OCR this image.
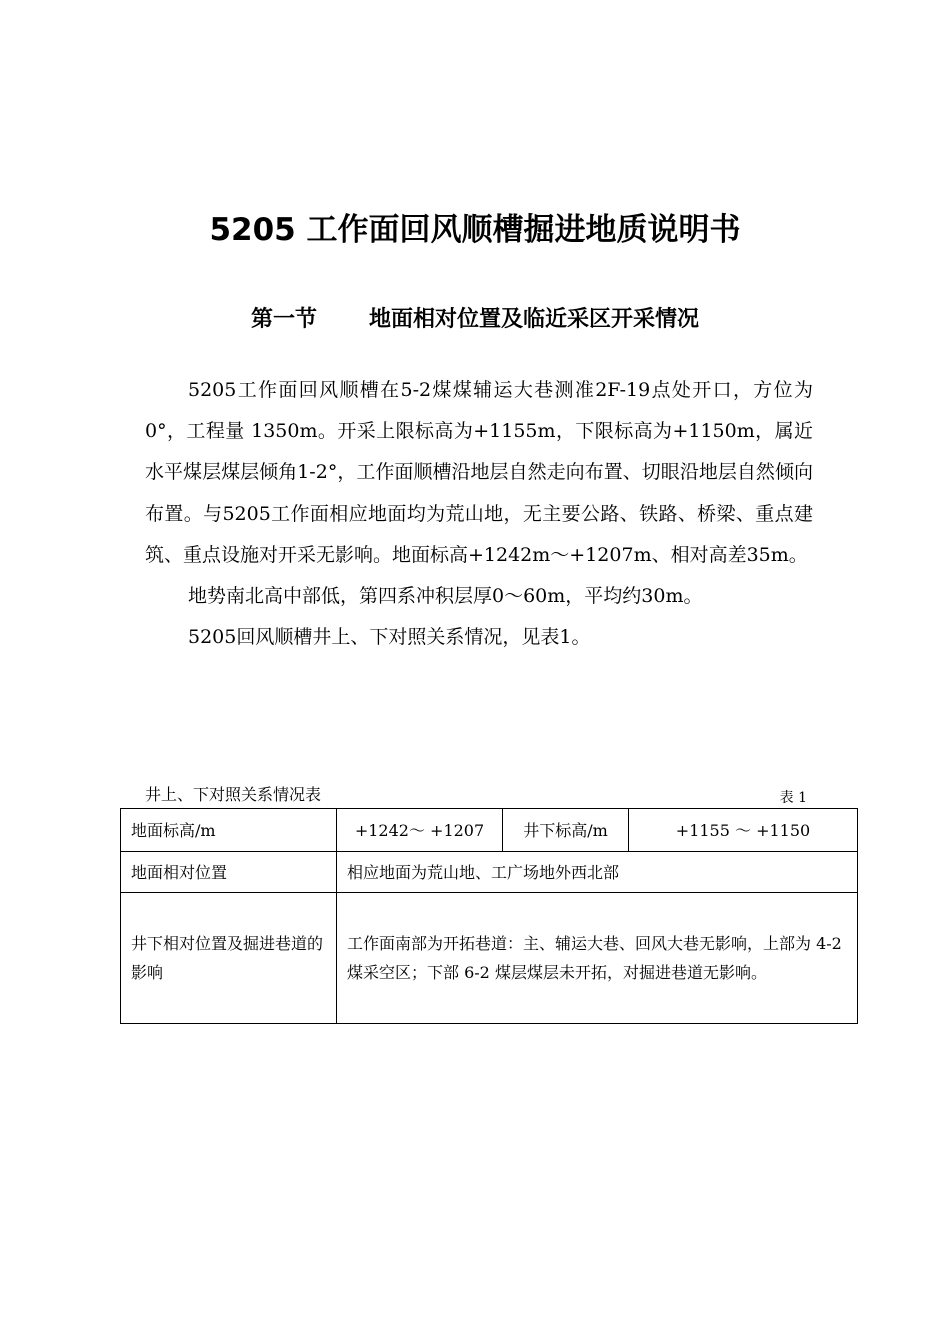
5205 工作面回风顺槽掘进地质说明书
第一节 地面相对位置及临近采区开采情况

5205工作面回风顺槽在5-2煤煤辅运大巷测准2F-19点处开口，方位为 0°，工程量 1350m。开采上限标高为+1155m，下限标高为+1150m，属近水平煤层煤层倾角1-2°，工作面顺槽沿地层自然走向布置、切眼沿地层自然倾向布置。与5205工作面相应地面均为荒山地，无主要公路、铁路、桥梁、重点建筑、重点设施对开采无影响。地面标高+1242m～+1207m、相对高差35m。

地势南北高中部低，第四系冲积层厚0～60m，平均约30m。

5205回风顺槽井上、下对照关系情况，见表1。

井上、下对照关系情况表	表 1
地面标高/m	+1242～ +1207	井下标高/m	+1155 ～ +1150
地面相对位置	相应地面为荒山地、工广场地外西北部		
井下相对位置及掘进巷道的影响	工作面南部为开拓巷道：主、辅运大巷、回风大巷无影响，上部为 4-2 煤采空区；下部 6-2 煤层煤层未开拓，对掘进巷道无影响。		
